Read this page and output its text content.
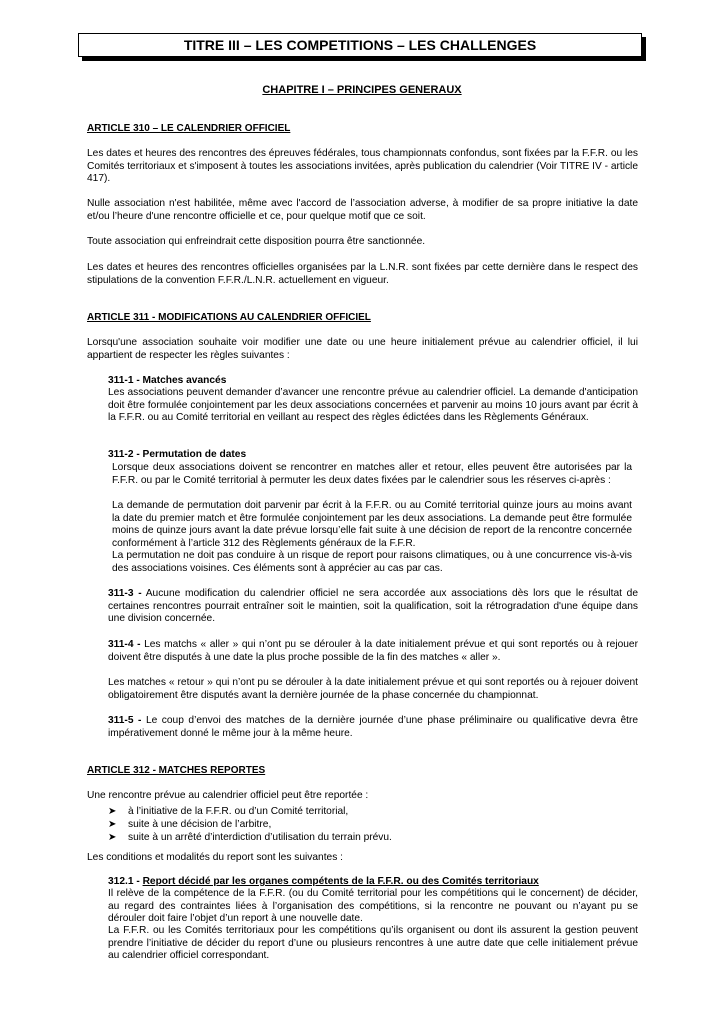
TITRE III – LES COMPETITIONS – LES CHALLENGES
CHAPITRE I – PRINCIPES GENERAUX
ARTICLE 310 – LE CALENDRIER OFFICIEL
Les dates et heures des rencontres des épreuves fédérales, tous championnats confondus, sont fixées par la F.F.R. ou les Comités territoriaux et s'imposent à toutes les associations invitées, après publication du calendrier (Voir TITRE IV - article 417).
Nulle association n'est habilitée, même avec l'accord de l’association adverse, à modifier de sa propre initiative la date et/ou l’heure d'une rencontre officielle et ce, pour quelque motif que ce soit.
Toute association qui enfreindrait cette disposition pourra être sanctionnée.
Les dates et heures des rencontres officielles organisées par la L.N.R. sont fixées par cette dernière dans le respect des stipulations de la convention F.F.R./L.N.R. actuellement en vigueur.
ARTICLE 311 - MODIFICATIONS AU CALENDRIER OFFICIEL
Lorsqu'une association souhaite voir modifier une date ou une heure initialement prévue au calendrier officiel, il lui appartient de respecter les règles suivantes :
311-1 - Matches avancés
Les associations peuvent demander d’avancer une rencontre prévue au calendrier officiel. La demande d'anticipation doit être formulée conjointement par les deux associations concernées et parvenir au moins 10 jours avant par écrit à la F.F.R. ou au Comité territorial en veillant au respect des règles édictées dans les Règlements Généraux.
311-2 - Permutation de dates
Lorsque deux associations doivent se rencontrer en matches aller et retour, elles peuvent être autorisées par la F.F.R. ou par le Comité territorial à permuter les deux dates fixées par le calendrier sous les réserves ci-après :
La demande de permutation doit parvenir par écrit à la F.F.R. ou au Comité territorial quinze jours au moins avant la date du premier match et être formulée conjointement par les deux associations. La demande peut être formulée moins de quinze jours avant la date prévue lorsqu’elle fait suite à une décision de report de la rencontre concernée conformément à l’article 312 des Règlements généraux de la F.F.R.
La permutation ne doit pas conduire à un risque de report pour raisons climatiques, ou à une concurrence vis-à-vis des associations voisines. Ces éléments sont à apprécier au cas par cas.
311-3 - Aucune modification du calendrier officiel ne sera accordée aux associations dès lors que le résultat de certaines rencontres pourrait entraîner soit le maintien, soit la qualification, soit la rétrogradation d'une équipe dans une division concernée.
311-4 - Les matchs « aller » qui n’ont pu se dérouler à la date initialement prévue et qui sont reportés ou à rejouer doivent être disputés à une date la plus proche possible de la fin des matches « aller ».
Les matches « retour » qui n’ont pu se dérouler à la date initialement prévue et qui sont reportés ou à rejouer doivent obligatoirement être disputés avant la dernière journée de la phase concernée du championnat.
311-5 - Le coup d’envoi des matches de la dernière journée d’une phase préliminaire ou qualificative devra être impérativement donné le même jour à la même heure.
ARTICLE 312 - MATCHES REPORTES
Une rencontre prévue au calendrier officiel peut être reportée :
➤	à l’initiative de la F.F.R. ou d’un Comité territorial,
➤	suite à une décision de l’arbitre,
➤	suite à un arrêté d’interdiction d’utilisation du terrain prévu.
Les conditions et modalités du report sont les suivantes :
312.1 - Report décidé par les organes compétents de la F.F.R. ou des Comités territoriaux
Il relève de la compétence de la F.F.R. (ou du Comité territorial pour les compétitions qui le concernent) de décider, au regard des contraintes liées à l’organisation des compétitions, si la rencontre ne pouvant ou n’ayant pu se dérouler doit faire l’objet d’un report à une nouvelle date.
La F.F.R. ou les Comités territoriaux pour les compétitions qu’ils organisent ou dont ils assurent la gestion peuvent prendre l’initiative de décider du report d’une ou plusieurs rencontres à une autre date que celle initialement prévue au calendrier officiel correspondant.
